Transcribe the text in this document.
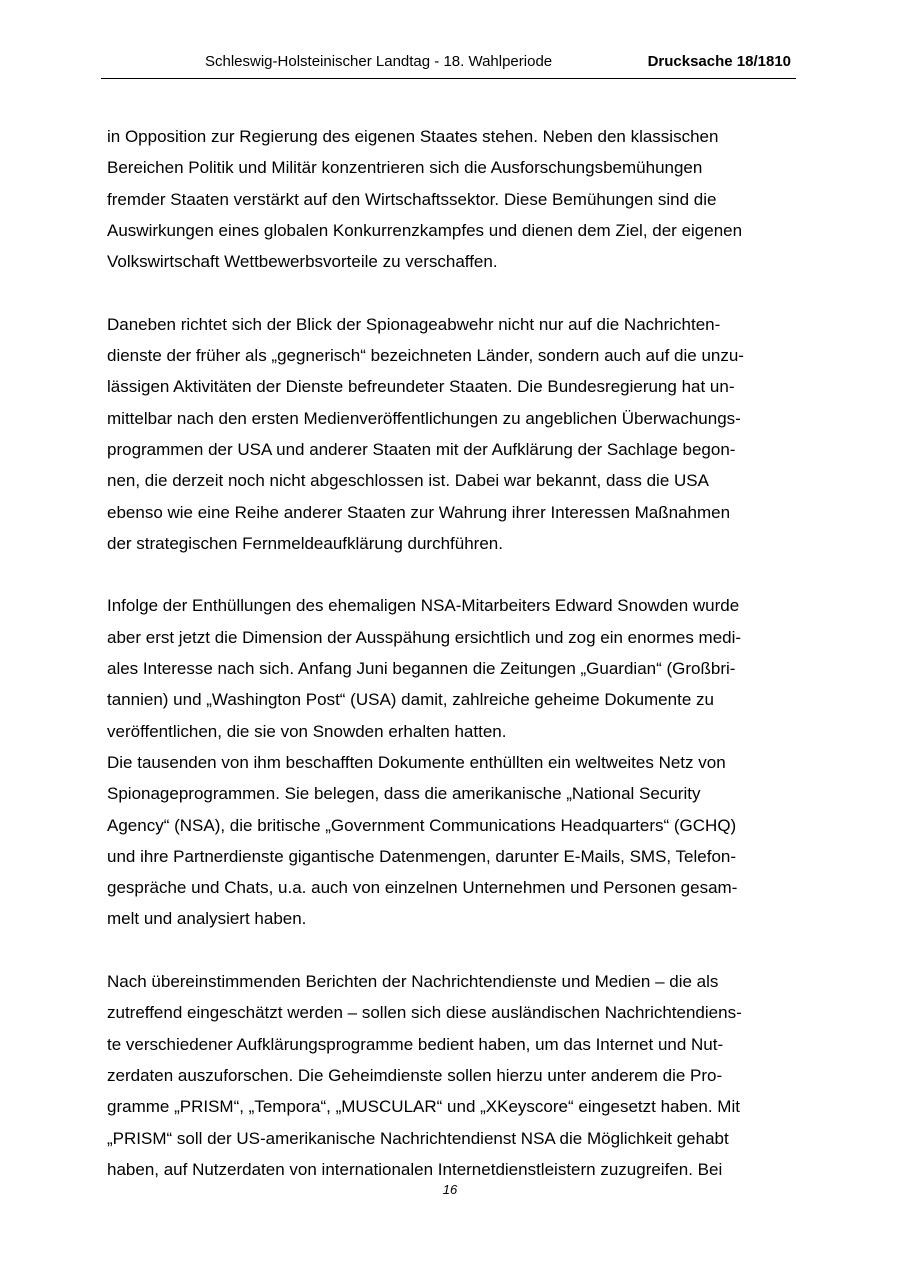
Schleswig-Holsteinischer Landtag - 18. Wahlperiode	Drucksache 18/1810
in Opposition zur Regierung des eigenen Staates stehen. Neben den klassischen
Bereichen Politik und Militär konzentrieren sich die Ausforschungsbemühungen
fremder Staaten verstärkt auf den Wirtschaftssektor. Diese Bemühungen sind die
Auswirkungen eines globalen Konkurrenzkampfes und dienen dem Ziel, der eigenen
Volkswirtschaft Wettbewerbsvorteile zu verschaffen.
Daneben richtet sich der Blick der Spionageabwehr nicht nur auf die Nachrichten-
dienste der früher als „gegnerisch“ bezeichneten Länder, sondern auch auf die unzu-
lässigen Aktivitäten der Dienste befreundeter Staaten. Die Bundesregierung hat un-
mittelbar nach den ersten Medienveröffentlichungen zu angeblichen Überwachungs-
programmen der USA und anderer Staaten mit der Aufklärung der Sachlage begon-
nen, die derzeit noch nicht abgeschlossen ist. Dabei war bekannt, dass die USA
ebenso wie eine Reihe anderer Staaten zur Wahrung ihrer Interessen Maßnahmen
der strategischen Fernmeldeaufklärung durchführen.
Infolge der Enthüllungen des ehemaligen NSA-Mitarbeiters Edward Snowden wurde
aber erst jetzt die Dimension der Ausspähung ersichtlich und zog ein enormes medi-
ales Interesse nach sich. Anfang Juni begannen die Zeitungen „Guardian“ (Großbri-
tannien) und „Washington Post“ (USA) damit, zahlreiche geheime Dokumente zu
veröffentlichen, die sie von Snowden erhalten hatten.
Die tausenden von ihm beschafften Dokumente enthüllten ein weltweites Netz von
Spionageprogrammen. Sie belegen, dass die amerikanische „National Security
Agency“ (NSA), die britische „Government Communications Headquarters“ (GCHQ)
und ihre Partnerdienste gigantische Datenmengen, darunter E-Mails, SMS, Telefon-
gespräche und Chats, u.a. auch von einzelnen Unternehmen und Personen gesam-
melt und analysiert haben.
Nach übereinstimmenden Berichten der Nachrichtendienste und Medien – die als
zutreffend eingeschätzt werden – sollen sich diese ausländischen Nachrichtendiens-
te verschiedener Aufklärungsprogramme bedient haben, um das Internet und Nut-
zerdaten auszuforschen. Die Geheimdienste sollen hierzu unter anderem die Pro-
gramme „PRISM“, „Tempora“, „MUSCULAR“ und „XKeyscore“ eingesetzt haben. Mit
„PRISM“ soll der US-amerikanische Nachrichtendienst NSA die Möglichkeit gehabt
haben, auf Nutzerdaten von internationalen Internetdienstleistern zuzugreifen. Bei
16
